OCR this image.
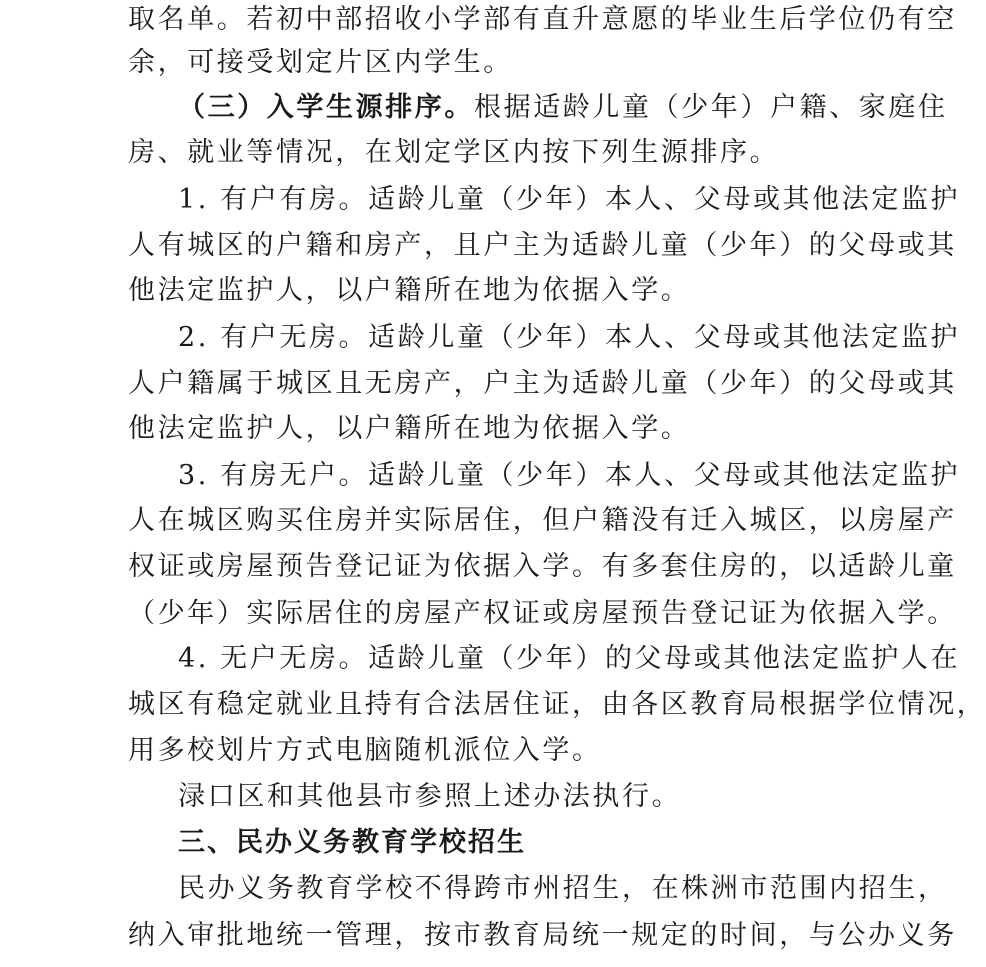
取名单。若初中部招收小学部有直升意愿的毕业生后学位仍有空
余，可接受划定片区内学生。
（三）入学生源排序。根据适龄儿童（少年）户籍、家庭住
房、就业等情况，在划定学区内按下列生源排序。
1. 有户有房。适龄儿童（少年）本人、父母或其他法定监护
人有城区的户籍和房产，且户主为适龄儿童（少年）的父母或其
他法定监护人，以户籍所在地为依据入学。
2. 有户无房。适龄儿童（少年）本人、父母或其他法定监护
人户籍属于城区且无房产，户主为适龄儿童（少年）的父母或其
他法定监护人，以户籍所在地为依据入学。
3. 有房无户。适龄儿童（少年）本人、父母或其他法定监护
人在城区购买住房并实际居住，但户籍没有迁入城区，以房屋产
权证或房屋预告登记证为依据入学。有多套住房的，以适龄儿童
（少年）实际居住的房屋产权证或房屋预告登记证为依据入学。
4. 无户无房。适龄儿童（少年）的父母或其他法定监护人在
城区有稳定就业且持有合法居住证，由各区教育局根据学位情况，
用多校划片方式电脑随机派位入学。
渌口区和其他县市参照上述办法执行。
三、民办义务教育学校招生
民办义务教育学校不得跨市州招生，在株洲市范围内招生，
纳入审批地统一管理，按市教育局统一规定的时间，与公办义务
